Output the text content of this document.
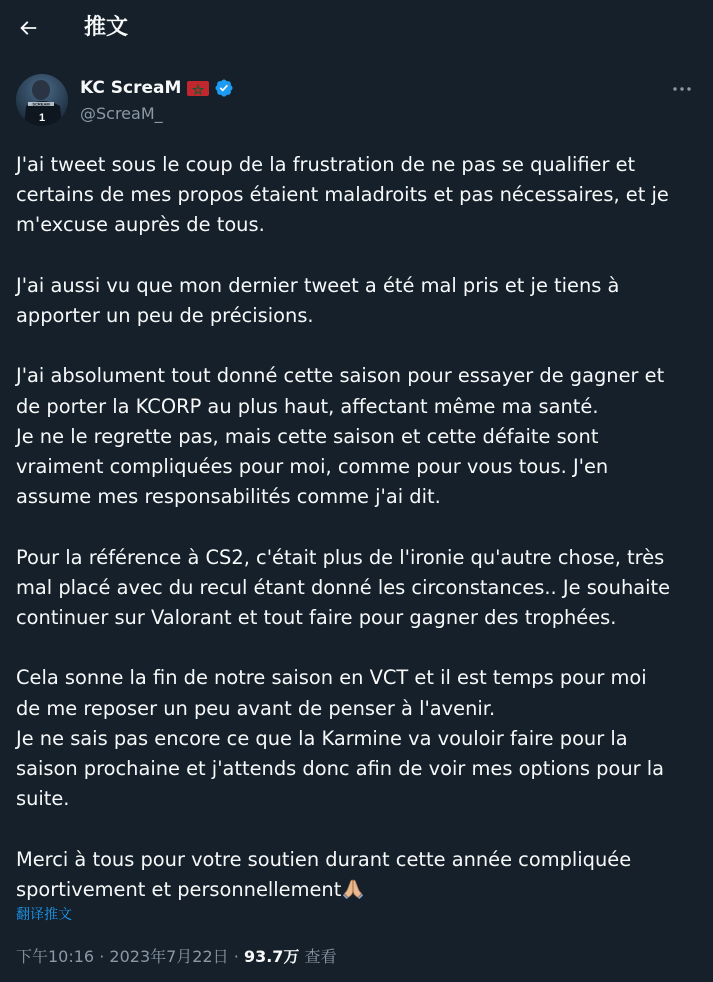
推文
SCREAM
1
KC ScreaM
@ScreaM_

J'ai tweet sous le coup de la frustration de ne pas se qualifier et
certains de mes propos étaient maladroits et pas nécessaires, et je
m'excuse auprès de tous.

J'ai aussi vu que mon dernier tweet a été mal pris et je tiens à
apporter un peu de précisions.

J'ai absolument tout donné cette saison pour essayer de gagner et
de porter la KCORP au plus haut, affectant même ma santé.
Je ne le regrette pas, mais cette saison et cette défaite sont
vraiment compliquées pour moi, comme pour vous tous. J'en
assume mes responsabilités comme j'ai dit.

Pour la référence à CS2, c'était plus de l'ironie qu'autre chose, très
mal placé avec du recul étant donné les circonstances.. Je souhaite
continuer sur Valorant et tout faire pour gagner des trophées.

Cela sonne la fin de notre saison en VCT et il est temps pour moi
de me reposer un peu avant de penser à l'avenir.
Je ne sais pas encore ce que la Karmine va vouloir faire pour la
saison prochaine et j'attends donc afin de voir mes options pour la
suite.

Merci à tous pour votre soutien durant cette année compliquée
sportivement et personnellement

翻译推文
下午10:16 · 2023年7月22日 · 93.7万 查看
